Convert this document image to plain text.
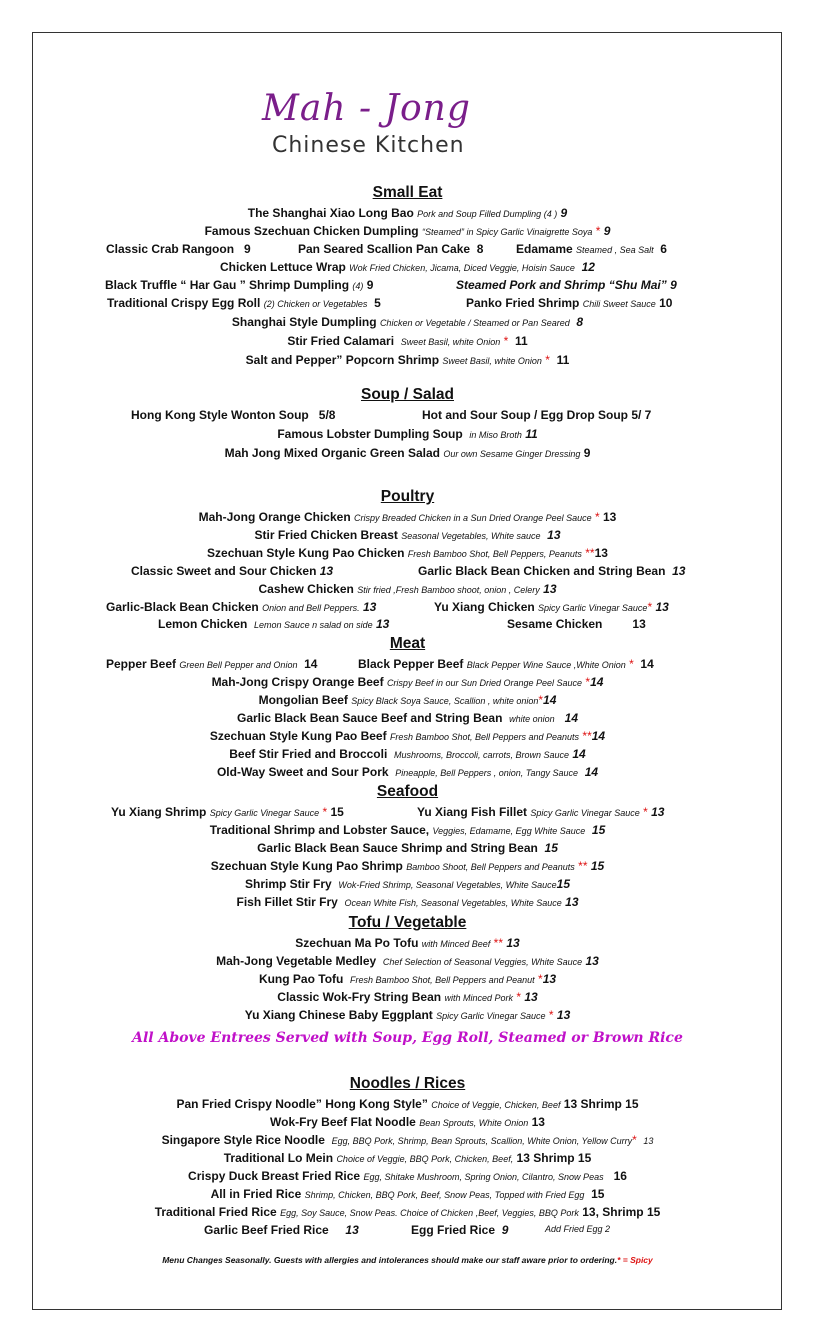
Mah - Jong
Chinese Kitchen
Small Eat
The Shanghai Xiao Long Bao Pork and Soup Filled Dumpling (4 ) 9
Famous Szechuan Chicken Dumpling “Steamed” in Spicy Garlic Vinaigrette Soya * 9
Classic Crab Rangoon 9	Pan Seared Scallion Pan Cake 8	Edamame Steamed , Sea Salt 6
Chicken Lettuce Wrap Wok Fried Chicken, Jicama, Diced Veggie, Hoisin Sauce 12
Black Truffle “ Har Gau ” Shrimp Dumpling (4) 9	Steamed Pork and Shrimp “Shu Mai” 9
Traditional Crispy Egg Roll (2) Chicken or Vegetables 5	Panko Fried Shrimp Chili Sweet Sauce 10
Shanghai Style Dumpling Chicken or Vegetable / Steamed or Pan Seared 8
Stir Fried Calamari Sweet Basil, white Onion * 11
Salt and Pepper” Popcorn Shrimp Sweet Basil, white Onion * 11
Soup / Salad
Hong Kong Style Wonton Soup 5/8	Hot and Sour Soup / Egg Drop Soup 5/ 7
Famous Lobster Dumpling Soup in Miso Broth 11
Mah Jong Mixed Organic Green Salad Our own Sesame Ginger Dressing 9
Poultry
Mah-Jong Orange Chicken Crispy Breaded Chicken in a Sun Dried Orange Peel Sauce * 13
Stir Fried Chicken Breast Seasonal Vegetables, White sauce 13
Szechuan Style Kung Pao Chicken Fresh Bamboo Shot, Bell Peppers, Peanuts **13
Classic Sweet and Sour Chicken 13	Garlic Black Bean Chicken and String Bean 13
Cashew Chicken Stir fried ,Fresh Bamboo shoot, onion , Celery 13
Garlic-Black Bean Chicken Onion and Bell Peppers. 13	Yu Xiang Chicken Spicy Garlic Vinegar Sauce* 13
Lemon Chicken Lemon Sauce n salad on side 13	Sesame Chicken	13
Meat
Pepper Beef Green Bell Pepper and Onion 14	Black Pepper Beef Black Pepper Wine Sauce ,White Onion * 14
Mah-Jong Crispy Orange Beef Crispy Beef in our Sun Dried Orange Peel Sauce *14
Mongolian Beef Spicy Black Soya Sauce, Scallion , white onion*14
Garlic Black Bean Sauce Beef and String Bean white onion 14
Szechuan Style Kung Pao Beef Fresh Bamboo Shot, Bell Peppers and Peanuts **14
Beef Stir Fried and Broccoli Mushrooms, Broccoli, carrots, Brown Sauce 14
Old-Way Sweet and Sour Pork Pineapple, Bell Peppers , onion, Tangy Sauce 14
Seafood
Yu Xiang Shrimp Spicy Garlic Vinegar Sauce * 15	Yu Xiang Fish Fillet Spicy Garlic Vinegar Sauce * 13
Traditional Shrimp and Lobster Sauce, Veggies, Edamame, Egg White Sauce 15
Garlic Black Bean Sauce Shrimp and String Bean 15
Szechuan Style Kung Pao Shrimp Bamboo Shoot, Bell Peppers and Peanuts ** 15
Shrimp Stir Fry Wok-Fried Shrimp, Seasonal Vegetables, White Sauce15
Fish Fillet Stir Fry Ocean White Fish, Seasonal Vegetables, White Sauce 13
Tofu / Vegetable
Szechuan Ma Po Tofu with Minced Beef ** 13
Mah-Jong Vegetable Medley Chef Selection of Seasonal Veggies, White Sauce 13
Kung Pao Tofu Fresh Bamboo Shot, Bell Peppers and Peanut *13
Classic Wok-Fry String Bean with Minced Pork * 13
Yu Xiang Chinese Baby Eggplant Spicy Garlic Vinegar Sauce * 13
All Above Entrees Served with Soup, Egg Roll, Steamed or Brown Rice
Noodles / Rices
Pan Fried Crispy Noodle” Hong Kong Style” Choice of Veggie, Chicken, Beef 13 Shrimp 15
Wok-Fry Beef Flat Noodle Bean Sprouts, White Onion 13
Singapore Style Rice Noodle Egg, BBQ Pork, Shrimp, Bean Sprouts, Scallion, White Onion, Yellow Curry* 13
Traditional Lo Mein Choice of Veggie, BBQ Pork, Chicken, Beef, 13 Shrimp 15
Crispy Duck Breast Fried Rice Egg, Shitake Mushroom, Spring Onion, Cilantro, Snow Peas 16
All in Fried Rice Shrimp, Chicken, BBQ Pork, Beef, Snow Peas, Topped with Fried Egg 15
Traditional Fried Rice Egg, Soy Sauce, Snow Peas. Choice of Chicken ,Beef, Veggies, BBQ Pork 13, Shrimp 15
Garlic Beef Fried Rice 13	Egg Fried Rice 9	Add Fried Egg 2
Menu Changes Seasonally. Guests with allergies and intolerances should make our staff aware prior to ordering.* = Spicy
